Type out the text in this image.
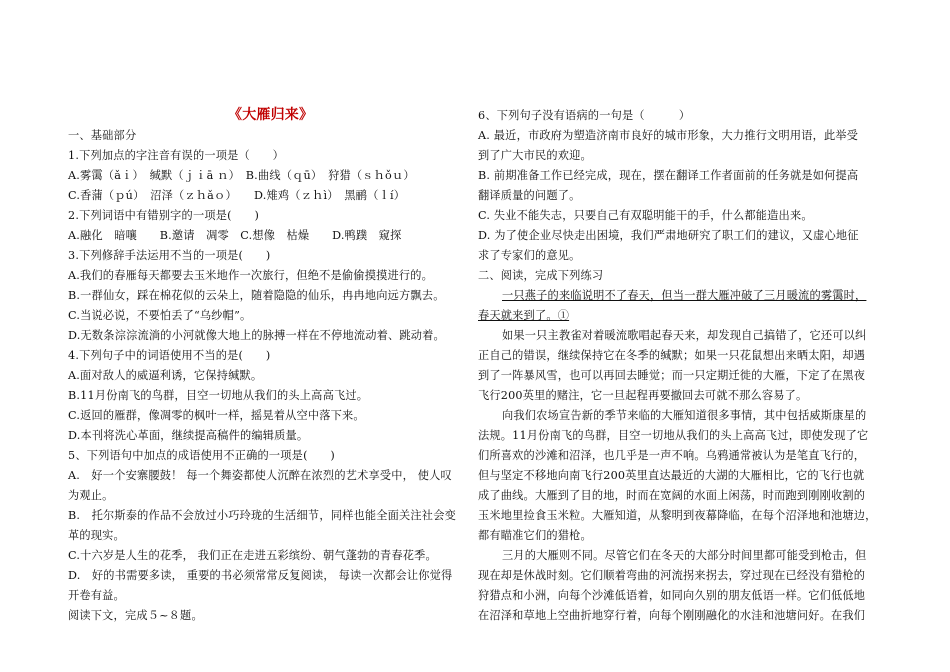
《大雁归来》
一、基础部分
1.下列加点的字注音有误的一项是（　　）
A.雾霭（ǎｉ）　缄默（ｊｉā ｎ）　B.曲线（ｑū）　狩猎（ｓｈǒｕ）
C.香蒲（ｐú）　沼泽（ｚｈǎｏ）　　D.雉鸡（ｚｈì）　黑鹂（ｌí）
2.下列词语中有错别字的一项是(　　)
A.融化　暗嚷　　B.邀请　凋零　C.想像　枯燥　　D.鸭蹼　窥探
3.下列修辞手法运用不当的一项是(　　)
A.我们的春雁每天都要去玉米地作一次旅行，但绝不是偷偷摸摸进行的。
B.一群仙女，踩在棉花似的云朵上，随着隐隐的仙乐，冉冉地向远方飘去。
C.当说必说，不要怕丢了“乌纱帽”。
D.无数条淙淙流淌的小河就像大地上的脉搏一样在不停地流动着、跳动着。
4.下列句子中的词语使用不当的是(　　)
A.面对敌人的威逼利诱，它保持缄默。
B.11月份南飞的鸟群，目空一切地从我们的头上高高飞过。
C.返回的雁群，像凋零的枫叶一样，摇晃着从空中落下来。
D.本刊将洗心革面，继续提高稿件的编辑质量。
5、下列语句中加点的成语使用不正确的一项是(　　)
A.　好一个安寨腰鼓！ 每一个舞姿都使人沉醉在浓烈的艺术享受中， 使人叹
为观止。
B.　托尔斯泰的作品不会放过小巧玲珑的生活细节，同样也能全面关注社会变
革的现实。
C.十六岁是人生的花季， 我们正在走进五彩缤纷、朝气蓬勃的青春花季。
D.　好的书需要多读， 重要的书必须常常反复阅读， 每读一次都会让你觉得
开卷有益。
阅读下文，完成５~８题。
6、下列句子没有语病的一句是（　　　）
A. 最近，市政府为塑造济南市良好的城市形象，大力推行文明用语，此举受
到了广大市民的欢迎。
B. 前期准备工作已经完成，现在，摆在翻译工作者面前的任务就是如何提高
翻译质量的问题了。
C. 失业不能失志，只要自己有双聪明能干的手，什么都能造出来。
D. 为了使企业尽快走出困境，我们严肃地研究了职工们的建议，又虚心地征
求了专家们的意见。
二、阅读，完成下列练习
一只燕子的来临说明不了春天，但当一群大雁冲破了三月暖流的雾霭时，
春天就来到了。①
如果一只主教雀对着暖流歌唱起春天来，却发现自己搞错了，它还可以纠
正自己的错误，继续保持它在冬季的缄默；如果一只花鼠想出来晒太阳，却遇
到了一阵暴风雪，也可以再回去睡觉；而一只定期迁徙的大雁，下定了在黑夜
飞行200英里的赌注，它一旦起程再要撤回去可就不那么容易了。
向我们农场宣告新的季节来临的大雁知道很多事情，其中包括威斯康星的
法规。11月份南飞的鸟群，目空一切地从我们的头上高高飞过，即使发现了它
们所喜欢的沙滩和沼泽，也几乎是一声不响。乌鸦通常被认为是笔直飞行的，
但与坚定不移地向南飞行200英里直达最近的大湖的大雁相比，它的飞行也就
成了曲线。大雁到了目的地，时而在宽阔的水面上闲荡，时而跑到刚刚收割的
玉米地里捡食玉米粒。大雁知道，从黎明到夜幕降临，在每个沼泽地和池塘边，
都有瞄准它们的猎枪。
三月的大雁则不同。尽管它们在冬天的大部分时间里都可能受到枪击，但
现在却是休战时刻。它们顺着弯曲的河流拐来拐去，穿过现在已经没有猎枪的
狩猎点和小洲，向每个沙滩低语着，如同向久别的朋友低语一样。它们低低地
在沼泽和草地上空曲折地穿行着，向每个刚刚融化的水洼和池塘问好。在我们
